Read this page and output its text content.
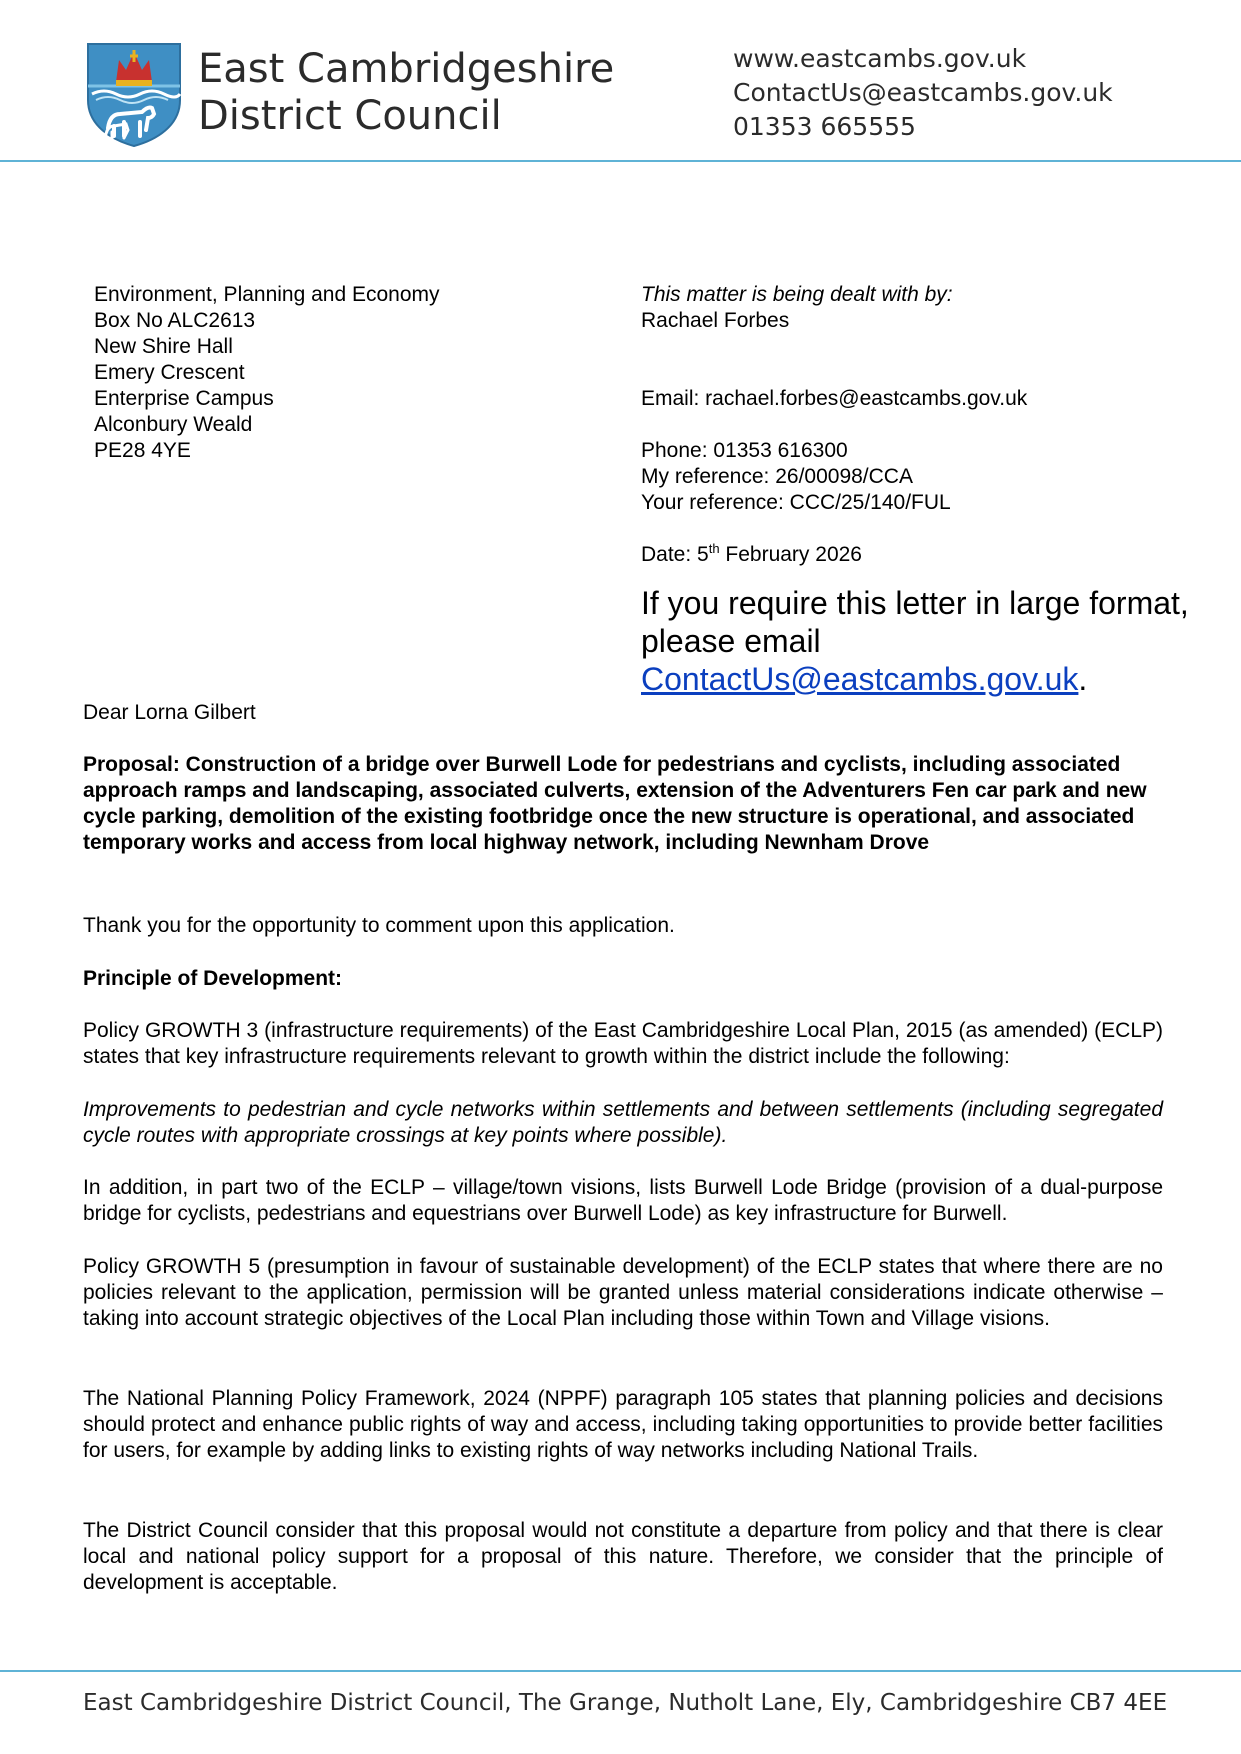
East Cambridgeshire
District Council
www.eastcambs.gov.uk
ContactUs@eastcambs.gov.uk
01353 665555
Environment, Planning and Economy
Box No ALC2613
New Shire Hall
Emery Crescent
Enterprise Campus
Alconbury Weald
PE28 4YE
This matter is being dealt with by:
Rachael Forbes
Email: rachael.forbes@eastcambs.gov.uk
Phone: 01353 616300
My reference: 26/00098/CCA
Your reference: CCC/25/140/FUL
Date: 5th February 2026
If you require this letter in large format,
please email
ContactUs@eastcambs.gov.uk.
Dear Lorna Gilbert
Proposal: Construction of a bridge over Burwell Lode for pedestrians and cyclists, including associated approach ramps and landscaping, associated culverts, extension of the Adventurers Fen car park and new cycle parking, demolition of the existing footbridge once the new structure is operational, and associated temporary works and access from local highway network, including Newnham Drove
Thank you for the opportunity to comment upon this application.
Principle of Development:
Policy GROWTH 3 (infrastructure requirements) of the East Cambridgeshire Local Plan, 2015 (as amended) (ECLP) states that key infrastructure requirements relevant to growth within the district include the following:
Improvements to pedestrian and cycle networks within settlements and between settlements (including segregated cycle routes with appropriate crossings at key points where possible).
In addition, in part two of the ECLP – village/town visions, lists Burwell Lode Bridge (provision of a dual-purpose bridge for cyclists, pedestrians and equestrians over Burwell Lode) as key infrastructure for Burwell.
Policy GROWTH 5 (presumption in favour of sustainable development) of the ECLP states that where there are no policies relevant to the application, permission will be granted unless material considerations indicate otherwise – taking into account strategic objectives of the Local Plan including those within Town and Village visions.
The National Planning Policy Framework, 2024 (NPPF) paragraph 105 states that planning policies and decisions should protect and enhance public rights of way and access, including taking opportunities to provide better facilities for users, for example by adding links to existing rights of way networks including National Trails.
The District Council consider that this proposal would not constitute a departure from policy and that there is clear local and national policy support for a proposal of this nature. Therefore, we consider that the principle of development is acceptable.
East Cambridgeshire District Council, The Grange, Nutholt Lane, Ely, Cambridgeshire CB7 4EE
